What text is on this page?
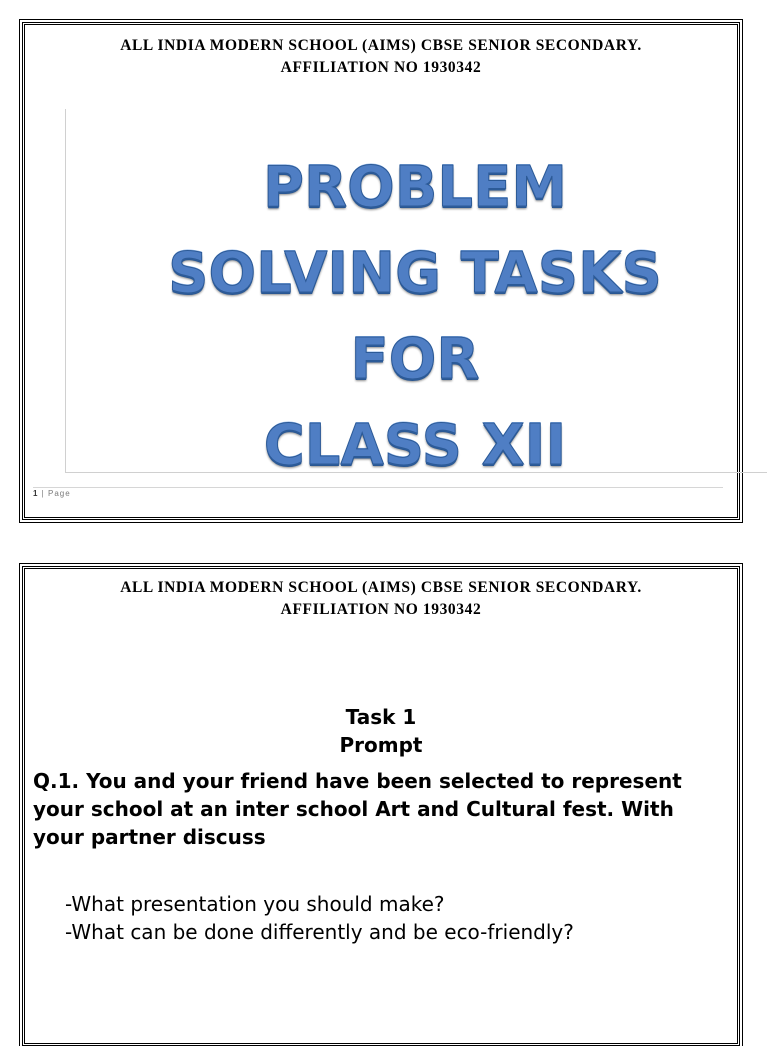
ALL INDIA MODERN SCHOOL (AIMS) CBSE SENIOR SECONDARY.
AFFILIATION NO 1930342
PROBLEM
SOLVING TASKS
FOR
CLASS XII
1 | Page
ALL INDIA MODERN SCHOOL (AIMS) CBSE SENIOR SECONDARY.
AFFILIATION NO 1930342
Task 1
Prompt
Q.1. You and your friend have been selected to represent your school at an inter school Art and Cultural fest. With your partner discuss
-What presentation you should make?
-What can be done differently and be eco-friendly?
